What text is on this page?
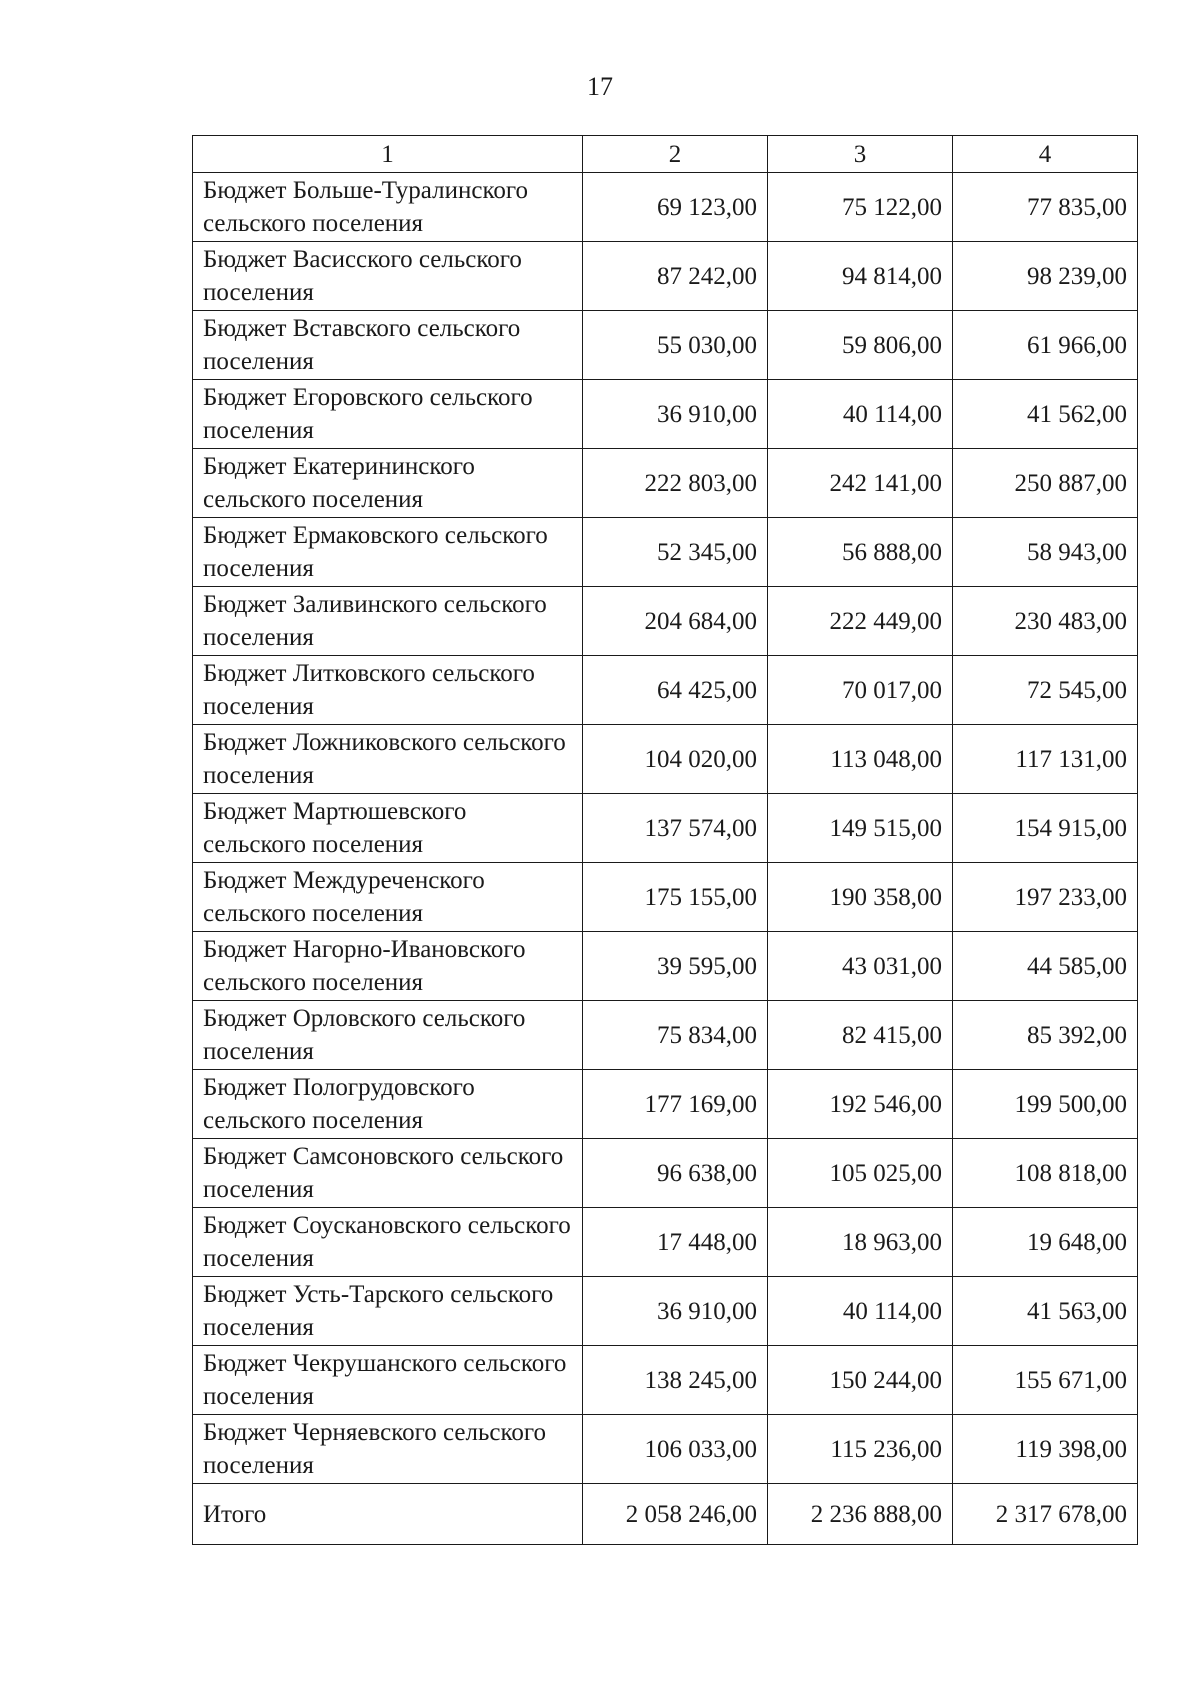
17
1	2	3	4
Бюджет Больше-Туралинского сельского поселения	69 123,00	75 122,00	77 835,00
Бюджет Васисского сельского поселения	87 242,00	94 814,00	98 239,00
Бюджет Вставского сельского поселения	55 030,00	59 806,00	61 966,00
Бюджет Егоровского сельского поселения	36 910,00	40 114,00	41 562,00
Бюджет Екатерининского сельского поселения	222 803,00	242 141,00	250 887,00
Бюджет Ермаковского сельского поселения	52 345,00	56 888,00	58 943,00
Бюджет Заливинского сельского поселения	204 684,00	222 449,00	230 483,00
Бюджет Литковского сельского поселения	64 425,00	70 017,00	72 545,00
Бюджет Ложниковского сельского поселения	104 020,00	113 048,00	117 131,00
Бюджет Мартюшевского сельского поселения	137 574,00	149 515,00	154 915,00
Бюджет Междуреченского сельского поселения	175 155,00	190 358,00	197 233,00
Бюджет Нагорно-Ивановского сельского поселения	39 595,00	43 031,00	44 585,00
Бюджет Орловского сельского поселения	75 834,00	82 415,00	85 392,00
Бюджет Пологрудовского сельского поселения	177 169,00	192 546,00	199 500,00
Бюджет Самсоновского сельского поселения	96 638,00	105 025,00	108 818,00
Бюджет Соускановского сельского поселения	17 448,00	18 963,00	19 648,00
Бюджет Усть-Тарского сельского поселения	36 910,00	40 114,00	41 563,00
Бюджет Чекрушанского сельского поселения	138 245,00	150 244,00	155 671,00
Бюджет Черняевского сельского поселения	106 033,00	115 236,00	119 398,00
Итого	2 058 246,00	2 236 888,00	2 317 678,00
